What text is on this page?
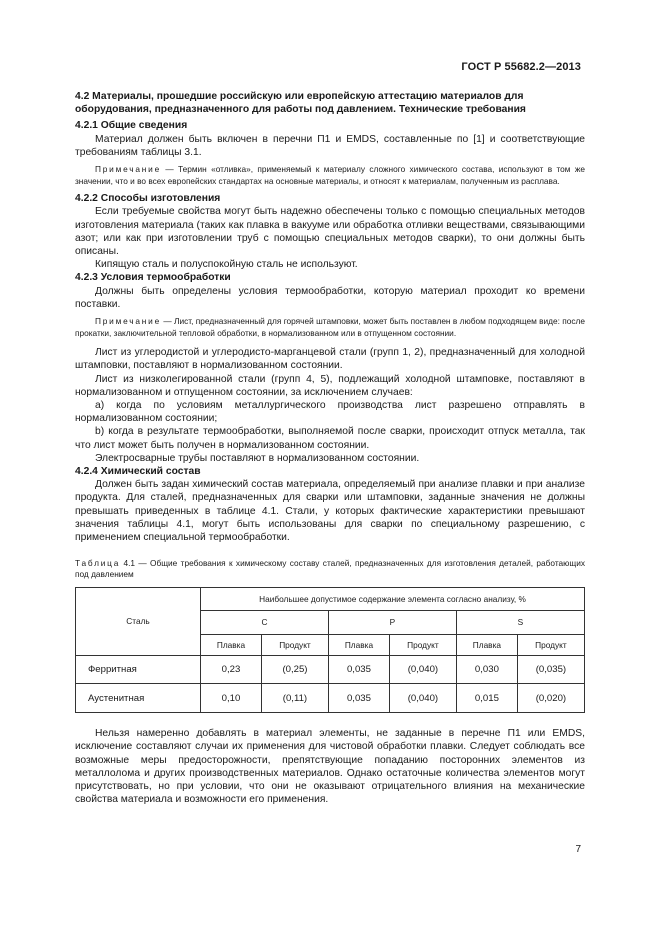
ГОСТ Р 55682.2—2013

4.2 Материалы, прошедшие российскую или европейскую аттестацию материалов для

оборудования, предназначенного для работы под давлением. Технические требования

4.2.1 Общие сведения

Материал должен быть включен в перечни П1 и EMDS, составленные по [1] и соответствующие требованиям таблицы 3.1.

Примечание — Термин «отливка», применяемый к материалу сложного химического состава, используют в том же значении, что и во всех европейских стандартах на основные материалы, и относят к материалам, полученным из расплава.

4.2.2 Способы изготовления

Если требуемые свойства могут быть надежно обеспечены только с помощью специальных методов изготовления материала (таких как плавка в вакууме или обработка отливки веществами, связывающими азот; или как при изготовлении труб с помощью специальных методов сварки), то они должны быть описаны.

Кипящую сталь и полуспокойную сталь не используют.

4.2.3 Условия термообработки

Должны быть определены условия термообработки, которую материал проходит ко времени поставки.

Примечание — Лист, предназначенный для горячей штамповки, может быть поставлен в любом подходящем виде: после прокатки, заключительной тепловой обработки, в нормализованном или в отпущенном состоянии.

Лист из углеродистой и углеродисто-марганцевой стали (групп 1, 2), предназначенный для холодной штамповки, поставляют в нормализованном состоянии.

Лист из низколегированной стали (групп 4, 5), подлежащий холодной штамповке, поставляют в нормализованном и отпущенном состоянии, за исключением случаев:

a) когда по условиям металлургического производства лист разрешено отправлять в нормализованном состоянии;

b) когда в результате термообработки, выполняемой после сварки, происходит отпуск металла, так что лист может быть получен в нормализованном состоянии.

Электросварные трубы поставляют в нормализованном состоянии.

4.2.4 Химический состав

Должен быть задан химический состав материала, определяемый при анализе плавки и при анализе продукта. Для сталей, предназначенных для сварки или штамповки, заданные значения не должны превышать приведенных в таблице 4.1. Стали, у которых фактические характеристики превышают значения таблицы 4.1, могут быть использованы для сварки по специальному разрешению, с применением специальной термообработки.

Таблица 4.1 — Общие требования к химическому составу сталей, предназначенных для изготовления деталей, работающих под давлением

Сталь	Наибольшее допустимое содержание элемента согласно анализу, %					
	C		P		S	
	Плавка	Продукт	Плавка	Продукт	Плавка	Продукт
Ферритная	0,23	(0,25)	0,035	(0,040)	0,030	(0,035)
Аустенитная	0,10	(0,11)	0,035	(0,040)	0,015	(0,020)

Нельзя намеренно добавлять в материал элементы, не заданные в перечне П1 или EMDS, исключение составляют случаи их применения для чистовой обработки плавки. Следует соблюдать все возможные меры предосторожности, препятствующие попаданию посторонних элементов из металлолома и других производственных материалов. Однако остаточные количества элементов могут присутствовать, но при условии, что они не оказывают отрицательного влияния на механические свойства материала и возможности его применения.

7
